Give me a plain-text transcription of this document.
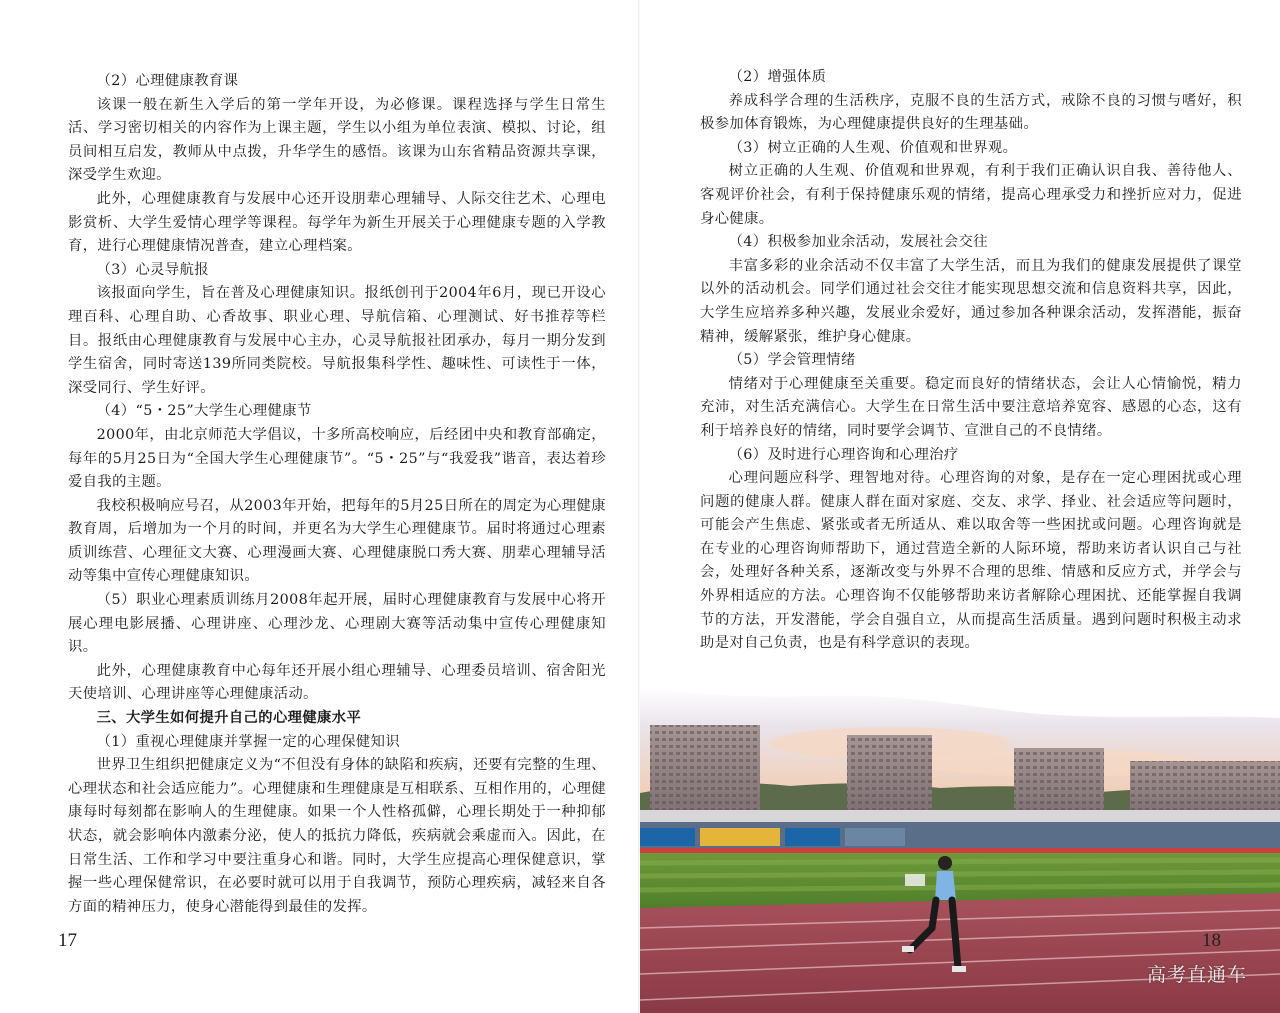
（2）心理健康教育课

该课一般在新生入学后的第一学年开设，为必修课。课程选择与学生日常生活、学习密切相关的内容作为上课主题，学生以小组为单位表演、模拟、讨论，组员间相互启发，教师从中点拨，升华学生的感悟。该课为山东省精品资源共享课，深受学生欢迎。

此外，心理健康教育与发展中心还开设朋辈心理辅导、人际交往艺术、心理电影赏析、大学生爱情心理学等课程。每学年为新生开展关于心理健康专题的入学教育，进行心理健康情况普查，建立心理档案。

（3）心灵导航报

该报面向学生，旨在普及心理健康知识。报纸创刊于2004年6月，现已开设心理百科、心理自助、心香故事、职业心理、导航信箱、心理测试、好书推荐等栏目。报纸由心理健康教育与发展中心主办，心灵导航报社团承办，每月一期分发到学生宿舍，同时寄送139所同类院校。导航报集科学性、趣味性、可读性于一体，深受同行、学生好评。

（4）“5・25”大学生心理健康节

2000年，由北京师范大学倡议，十多所高校响应，后经团中央和教育部确定，每年的5月25日为“全国大学生心理健康节”。“5・25”与“我爱我”谐音，表达着珍爱自我的主题。

我校积极响应号召，从2003年开始，把每年的5月25日所在的周定为心理健康教育周，后增加为一个月的时间，并更名为大学生心理健康节。届时将通过心理素质训练营、心理征文大赛、心理漫画大赛、心理健康脱口秀大赛、朋辈心理辅导活动等集中宣传心理健康知识。

（5）职业心理素质训练月2008年起开展，届时心理健康教育与发展中心将开展心理电影展播、心理讲座、心理沙龙、心理剧大赛等活动集中宣传心理健康知识。

此外，心理健康教育中心每年还开展小组心理辅导、心理委员培训、宿舍阳光天使培训、心理讲座等心理健康活动。

三、大学生如何提升自己的心理健康水平

（1）重视心理健康并掌握一定的心理保健知识

世界卫生组织把健康定义为“不但没有身体的缺陷和疾病，还要有完整的生理、心理状态和社会适应能力”。心理健康和生理健康是互相联系、互相作用的，心理健康每时每刻都在影响人的生理健康。如果一个人性格孤僻，心理长期处于一种抑郁状态，就会影响体内激素分泌，使人的抵抗力降低，疾病就会乘虚而入。因此，在日常生活、工作和学习中要注重身心和谐。同时，大学生应提高心理保健意识，掌握一些心理保健常识，在必要时就可以用于自我调节，预防心理疾病，减轻来自各方面的精神压力，使身心潜能得到最佳的发挥。

17

（2）增强体质

养成科学合理的生活秩序，克服不良的生活方式，戒除不良的习惯与嗜好，积极参加体育锻炼，为心理健康提供良好的生理基础。

（3）树立正确的人生观、价值观和世界观。

树立正确的人生观、价值观和世界观，有利于我们正确认识自我、善待他人、客观评价社会，有利于保持健康乐观的情绪，提高心理承受力和挫折应对力，促进身心健康。

（4）积极参加业余活动，发展社会交往

丰富多彩的业余活动不仅丰富了大学生活，而且为我们的健康发展提供了课堂以外的活动机会。同学们通过社会交往才能实现思想交流和信息资料共享，因此，大学生应培养多种兴趣，发展业余爱好，通过参加各种课余活动，发挥潜能，振奋精神，缓解紧张，维护身心健康。

（5）学会管理情绪

情绪对于心理健康至关重要。稳定而良好的情绪状态，会让人心情愉悦，精力充沛，对生活充满信心。大学生在日常生活中要注意培养宽容、感恩的心态，这有利于培养良好的情绪，同时要学会调节、宣泄自己的不良情绪。

（6）及时进行心理咨询和心理治疗

心理问题应科学、理智地对待。心理咨询的对象，是存在一定心理困扰或心理问题的健康人群。健康人群在面对家庭、交友、求学、择业、社会适应等问题时，可能会产生焦虑、紧张或者无所适从、难以取舍等一些困扰或问题。心理咨询就是在专业的心理咨询师帮助下，通过营造全新的人际环境，帮助来访者认识自己与社会，处理好各种关系，逐渐改变与外界不合理的思维、情感和反应方式，并学会与外界相适应的方法。心理咨询不仅能够帮助来访者解除心理困扰、还能掌握自我调节的方法，开发潜能，学会自强自立，从而提高生活质量。遇到问题时积极主动求助是对自己负责，也是有科学意识的表现。

18
高考直通车
